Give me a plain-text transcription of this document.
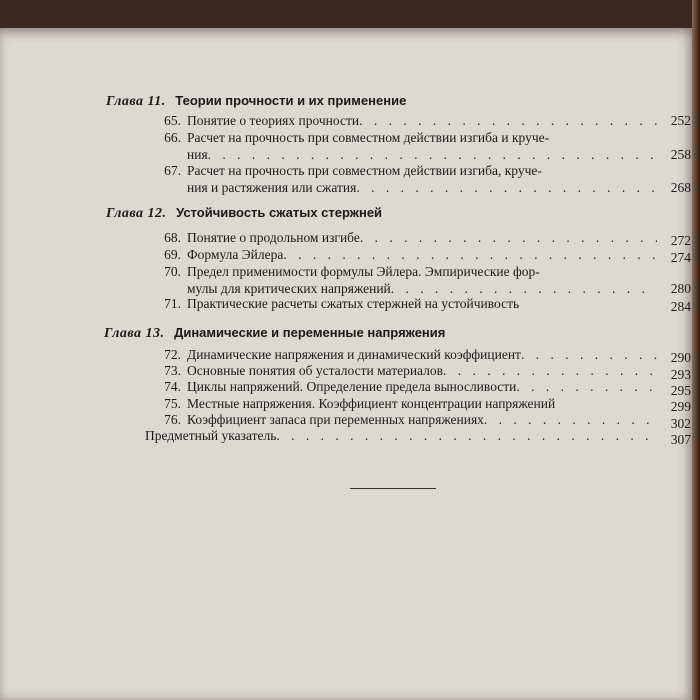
Глава 11. Теории прочности и их применение
65. Понятие о теориях прочности . . .	252
66. Расчет на прочность при совместном действии изгиба и круче-
ния . . .	258
67. Расчет на прочность при совместном действии изгиба, круче-
ния и растяжения или сжатия . . .	268
Глава 12. Устойчивость сжатых стержней
68. Понятие о продольном изгибе . . .	272
69. Формула Эйлера . . .	274
70. Предел применимости формулы Эйлера. Эмпирические фор-
мулы для критических напряжений . . .	280
71. Практические расчеты сжатых стержней на устойчивость	284
Глава 13. Динамические и переменные напряжения
72. Динамические напряжения и динамический коэффициент . . .	290
73. Основные понятия об усталости материалов . . .	293
74. Циклы напряжений. Определение предела выносливости . . .	295
75. Местные напряжения. Коэффициент концентрации напряжений	299
76. Коэффициент запаса при переменных напряжениях . . .	302
Предметный указатель . . .	307
